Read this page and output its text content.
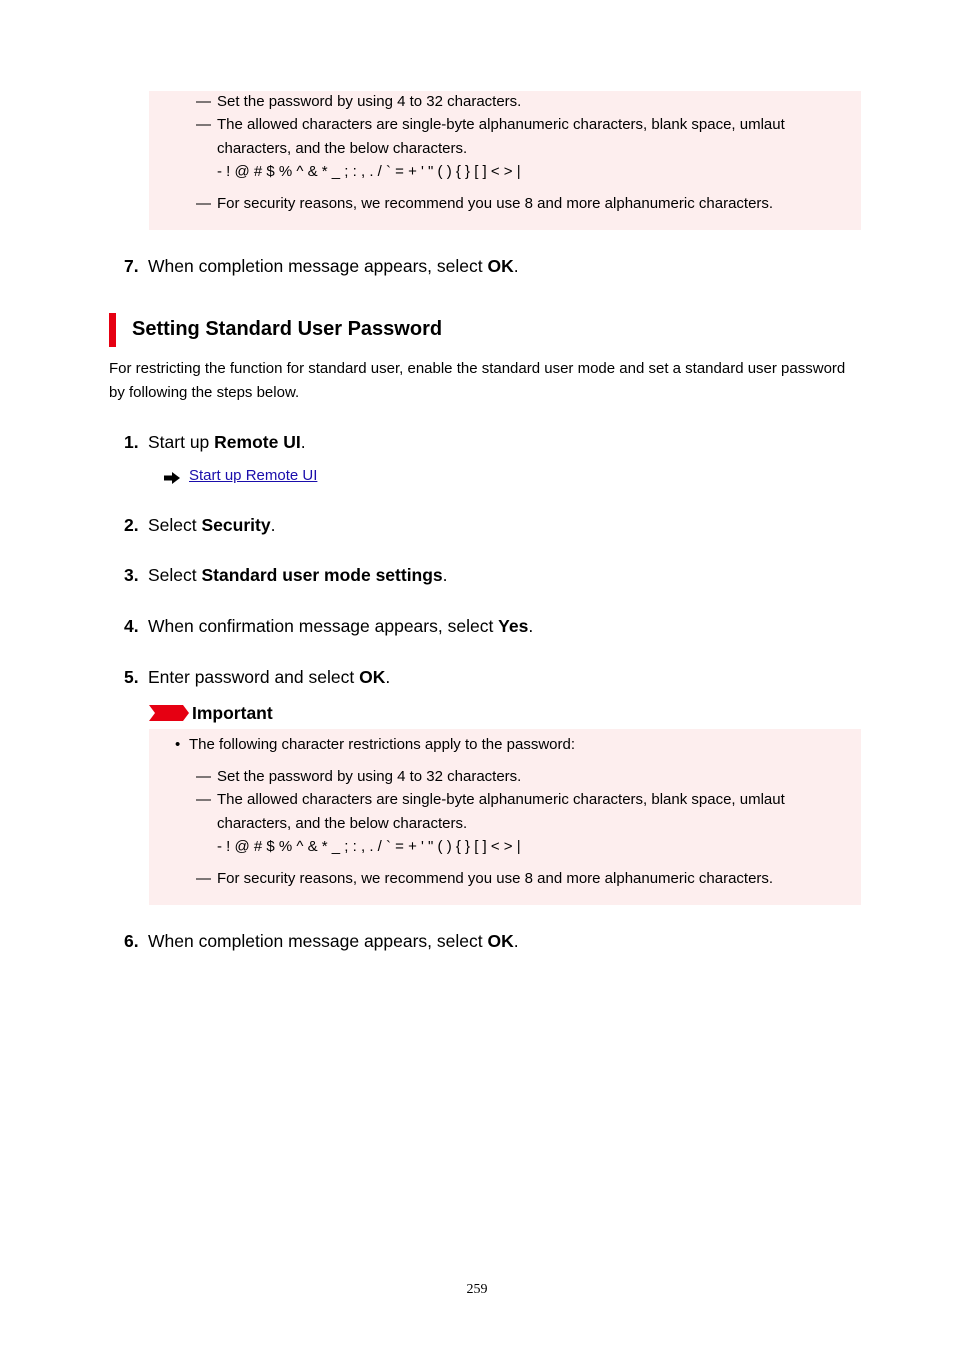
— Set the password by using 4 to 32 characters.
— The allowed characters are single-byte alphanumeric characters, blank space, umlaut characters, and the below characters.
- ! @ # $ % ^ & * _ ; : , . / ` = + ' " ( ) { } [ ] < > |
— For security reasons, we recommend you use 8 and more alphanumeric characters.
7. When completion message appears, select OK.
Setting Standard User Password
For restricting the function for standard user, enable the standard user mode and set a standard user password by following the steps below.
1. Start up Remote UI.
Start up Remote UI
2. Select Security.
3. Select Standard user mode settings.
4. When confirmation message appears, select Yes.
5. Enter password and select OK.
Important
• The following character restrictions apply to the password:
— Set the password by using 4 to 32 characters.
— The allowed characters are single-byte alphanumeric characters, blank space, umlaut characters, and the below characters.
- ! @ # $ % ^ & * _ ; : , . / ` = + ' " ( ) { } [ ] < > |
— For security reasons, we recommend you use 8 and more alphanumeric characters.
6. When completion message appears, select OK.
259
